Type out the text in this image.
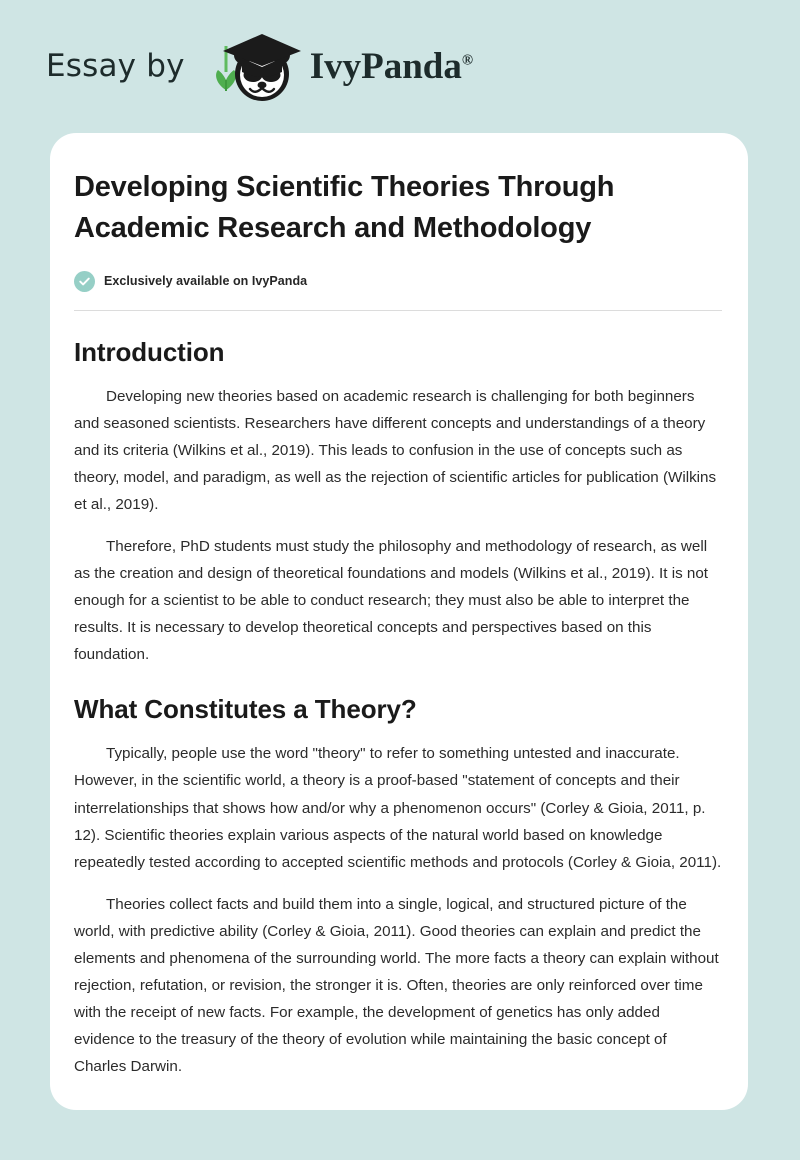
Essay by	IvyPanda®
Developing Scientific Theories Through Academic Research and Methodology
Exclusively available on IvyPanda
Introduction

Developing new theories based on academic research is challenging for both beginners and seasoned scientists. Researchers have different concepts and understandings of a theory and its criteria (Wilkins et al., 2019). This leads to confusion in the use of concepts such as theory, model, and paradigm, as well as the rejection of scientific articles for publication (Wilkins et al., 2019).

Therefore, PhD students must study the philosophy and methodology of research, as well as the creation and design of theoretical foundations and models (Wilkins et al., 2019). It is not enough for a scientist to be able to conduct research; they must also be able to interpret the results. It is necessary to develop theoretical concepts and perspectives based on this foundation.

What Constitutes a Theory?

Typically, people use the word "theory" to refer to something untested and inaccurate. However, in the scientific world, a theory is a proof-based "statement of concepts and their interrelationships that shows how and/or why a phenomenon occurs" (Corley & Gioia, 2011, p. 12). Scientific theories explain various aspects of the natural world based on knowledge repeatedly tested according to accepted scientific methods and protocols (Corley & Gioia, 2011).

Theories collect facts and build them into a single, logical, and structured picture of the world, with predictive ability (Corley & Gioia, 2011). Good theories can explain and predict the elements and phenomena of the surrounding world. The more facts a theory can explain without rejection, refutation, or revision, the stronger it is. Often, theories are only reinforced over time with the receipt of new facts. For example, the development of genetics has only added evidence to the treasury of the theory of evolution while maintaining the basic concept of Charles Darwin.
